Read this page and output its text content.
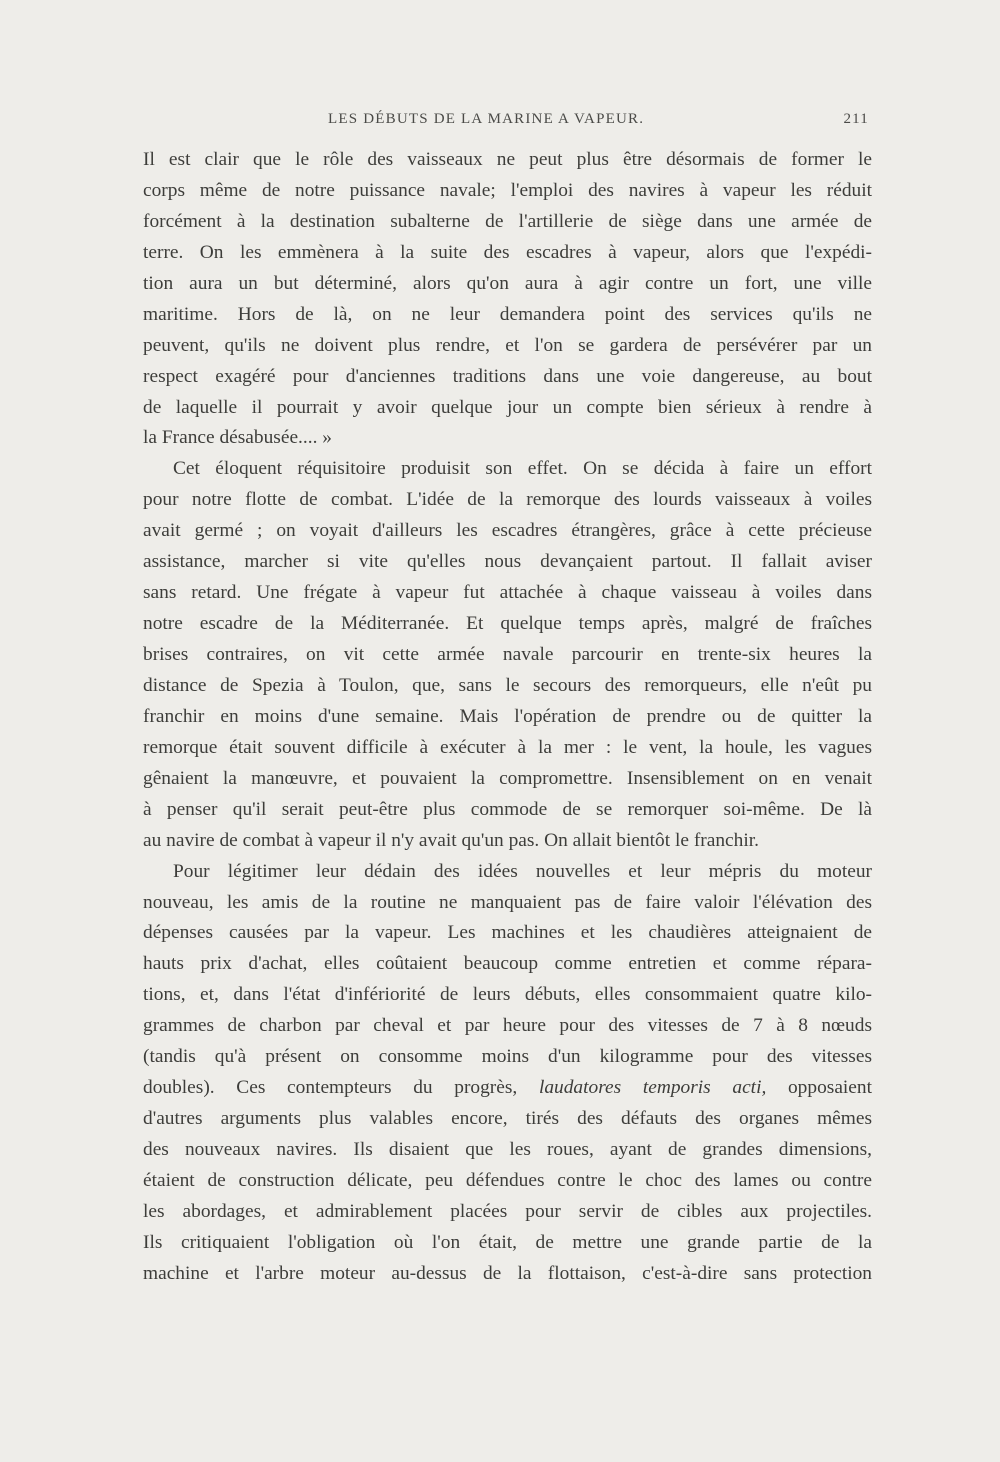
LES DÉBUTS DE LA MARINE A VAPEUR.	211
Il est clair que le rôle des vaisseaux ne peut plus être désormais de former le
corps même de notre puissance navale; l'emploi des navires à vapeur les réduit
forcément à la destination subalterne de l'artillerie de siège dans une armée de
terre. On les emmènera à la suite des escadres à vapeur, alors que l'expédi-
tion aura un but déterminé, alors qu'on aura à agir contre un fort, une ville
maritime. Hors de là, on ne leur demandera point des services qu'ils ne
peuvent, qu'ils ne doivent plus rendre, et l'on se gardera de persévérer par un
respect exagéré pour d'anciennes traditions dans une voie dangereuse, au bout
de laquelle il pourrait y avoir quelque jour un compte bien sérieux à rendre à
la France désabusée.... »
Cet éloquent réquisitoire produisit son effet. On se décida à faire un effort
pour notre flotte de combat. L'idée de la remorque des lourds vaisseaux à voiles
avait germé ; on voyait d'ailleurs les escadres étrangères, grâce à cette précieuse
assistance, marcher si vite qu'elles nous devançaient partout. Il fallait aviser
sans retard. Une frégate à vapeur fut attachée à chaque vaisseau à voiles dans
notre escadre de la Méditerranée. Et quelque temps après, malgré de fraîches
brises contraires, on vit cette armée navale parcourir en trente-six heures la
distance de Spezia à Toulon, que, sans le secours des remorqueurs, elle n'eût pu
franchir en moins d'une semaine. Mais l'opération de prendre ou de quitter la
remorque était souvent difficile à exécuter à la mer : le vent, la houle, les vagues
gênaient la manœuvre, et pouvaient la compromettre. Insensiblement on en venait
à penser qu'il serait peut-être plus commode de se remorquer soi-même. De là
au navire de combat à vapeur il n'y avait qu'un pas. On allait bientôt le franchir.
Pour légitimer leur dédain des idées nouvelles et leur mépris du moteur
nouveau, les amis de la routine ne manquaient pas de faire valoir l'élévation des
dépenses causées par la vapeur. Les machines et les chaudières atteignaient de
hauts prix d'achat, elles coûtaient beaucoup comme entretien et comme répara-
tions, et, dans l'état d'infériorité de leurs débuts, elles consommaient quatre kilo-
grammes de charbon par cheval et par heure pour des vitesses de 7 à 8 nœuds
(tandis qu'à présent on consomme moins d'un kilogramme pour des vitesses
doubles). Ces contempteurs du progrès, laudatores temporis acti, opposaient
d'autres arguments plus valables encore, tirés des défauts des organes mêmes
des nouveaux navires. Ils disaient que les roues, ayant de grandes dimensions,
étaient de construction délicate, peu défendues contre le choc des lames ou contre
les abordages, et admirablement placées pour servir de cibles aux projectiles.
Ils critiquaient l'obligation où l'on était, de mettre une grande partie de la
machine et l'arbre moteur au-dessus de la flottaison, c'est-à-dire sans protection
